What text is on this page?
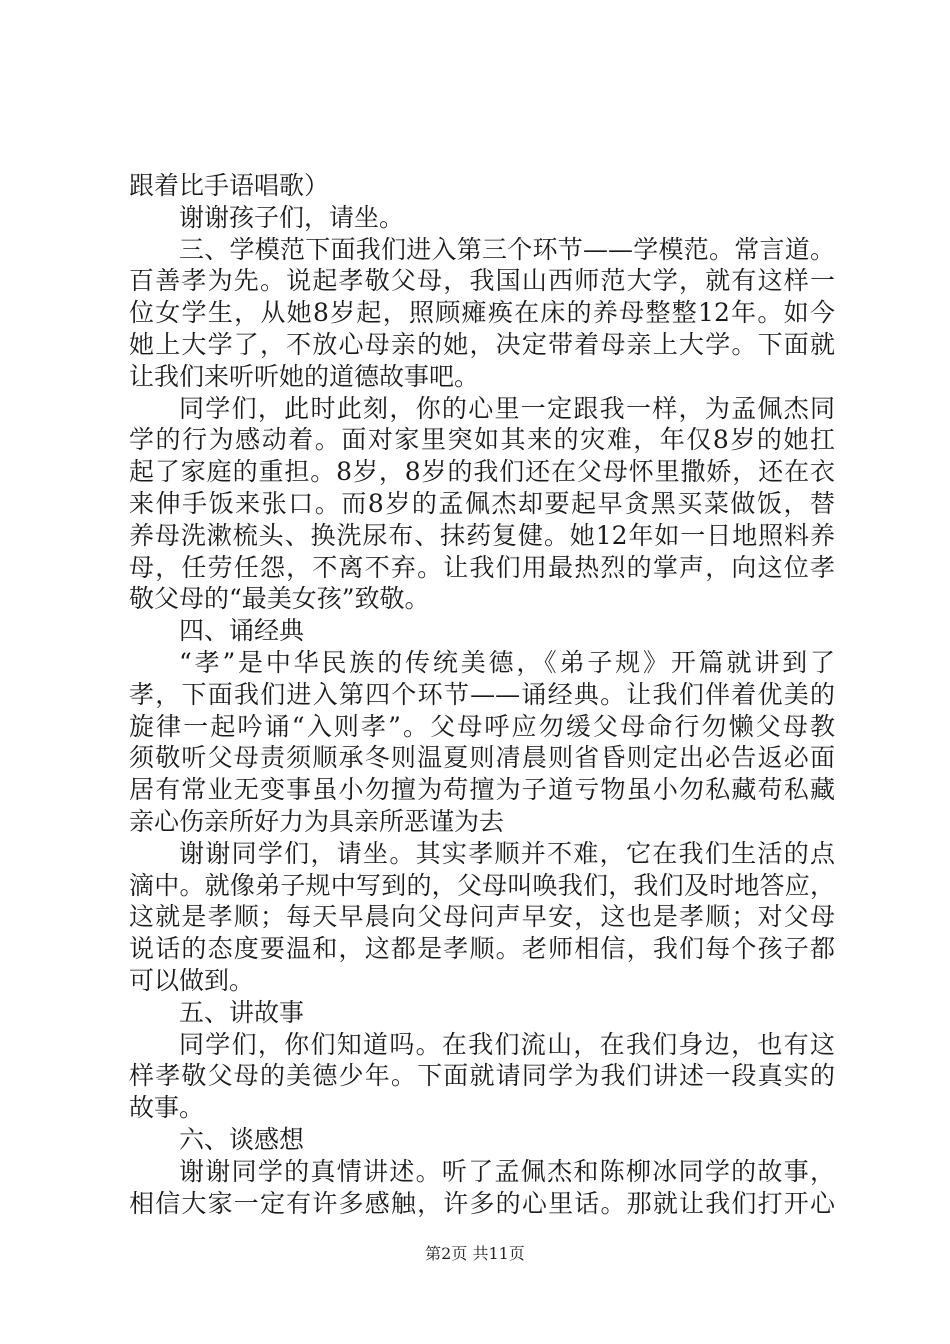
跟着比手语唱歌）
谢谢孩子们，请坐。
三、学模范下面我们进入第三个环节——学模范。常言道。
百善孝为先。说起孝敬父母，我国山西师范大学，就有这样一
位女学生，从她8岁起，照顾瘫痪在床的养母整整12年。如今
她上大学了，不放心母亲的她，决定带着母亲上大学。下面就
让我们来听听她的道德故事吧。
同学们，此时此刻，你的心里一定跟我一样，为孟佩杰同
学的行为感动着。面对家里突如其来的灾难，年仅8岁的她扛
起了家庭的重担。8岁，8岁的我们还在父母怀里撒娇，还在衣
来伸手饭来张口。而8岁的孟佩杰却要起早贪黑买菜做饭，替
养母洗漱梳头、换洗尿布、抹药复健。她12年如一日地照料养
母，任劳任怨，不离不弃。让我们用最热烈的掌声，向这位孝
敬父母的“最美女孩”致敬。
四、诵经典
“孝”是中华民族的传统美德，《弟子规》开篇就讲到了
孝，下面我们进入第四个环节——诵经典。让我们伴着优美的
旋律一起吟诵“入则孝”。父母呼应勿缓父母命行勿懒父母教
须敬听父母责须顺承冬则温夏则凊晨则省昏则定出必告返必面
居有常业无变事虽小勿擅为苟擅为子道亏物虽小勿私藏苟私藏
亲心伤亲所好力为具亲所恶谨为去
谢谢同学们，请坐。其实孝顺并不难，它在我们生活的点
滴中。就像弟子规中写到的，父母叫唤我们，我们及时地答应，
这就是孝顺；每天早晨向父母问声早安，这也是孝顺；对父母
说话的态度要温和，这都是孝顺。老师相信，我们每个孩子都
可以做到。
五、讲故事
同学们，你们知道吗。在我们流山，在我们身边，也有这
样孝敬父母的美德少年。下面就请同学为我们讲述一段真实的
故事。
六、谈感想
谢谢同学的真情讲述。听了孟佩杰和陈柳冰同学的故事，
相信大家一定有许多感触，许多的心里话。那就让我们打开心
第2页 共11页
